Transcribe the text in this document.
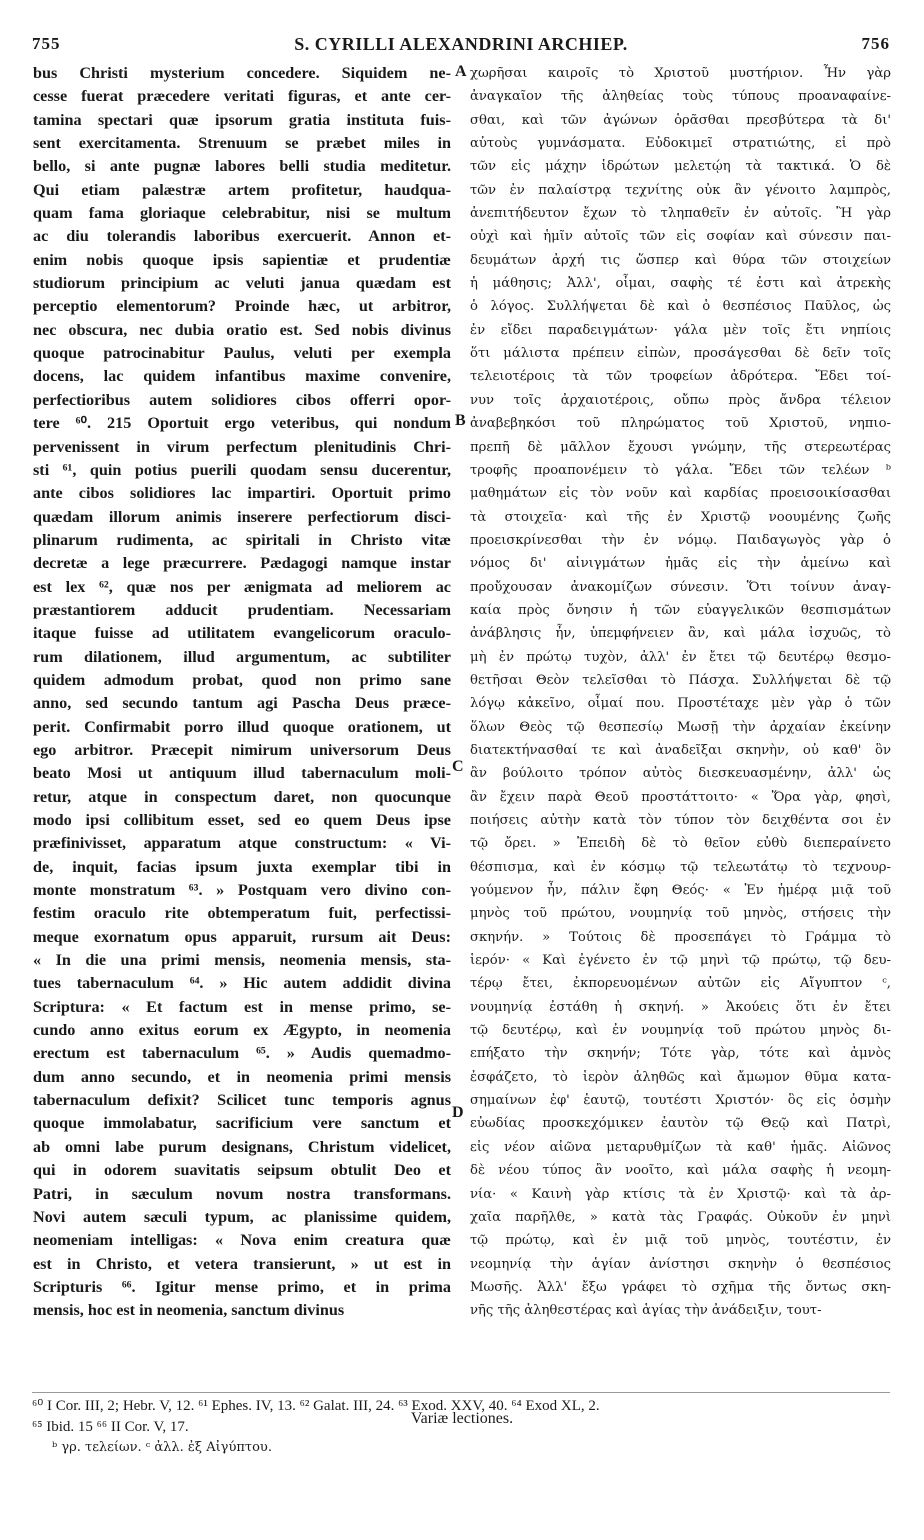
755	S. CYRILLI ALEXANDRINI ARCHIEP.	756
bus Christi mysterium concedere. Siquidem ne-
cesse fuerat præcedere veritati figuras, et ante cer-
tamina spectari quæ ipsorum gratia instituta fuis-
sent exercitamenta. Strenuum se præbet miles in
bello, si ante pugnæ labores belli studia meditetur.
Qui etiam palæstræ artem profitetur, haudqua-
quam fama gloriaque celebrabitur, nisi se multum
ac diu tolerandis laboribus exercuerit. Annon et-
enim nobis quoque ipsis sapientiæ et prudentiæ
studiorum principium ac veluti janua quædam est
perceptio elementorum? Proinde hæc, ut arbitror,
nec obscura, nec dubia oratio est. Sed nobis divinus
quoque patrocinabitur Paulus, veluti per exempla
docens, lac quidem infantibus maxime convenire,
perfectioribus autem solidiores cibos offerri opor-
tere ⁶⁰. 215 Oportuit ergo veteribus, qui nondum
pervenissent in virum perfectum plenitudinis Chri-
sti ⁶¹, quin potius puerili quodam sensu ducerentur,
ante cibos solidiores lac impartiri. Oportuit primo
quædam illorum animis inserere perfectiorum disci-
plinarum rudimenta, ac spiritali in Christo vitæ
decretæ a lege præcurrere. Pædagogi namque instar
est lex ⁶², quæ nos per ænigmata ad meliorem ac
præstantiorem adducit prudentiam. Necessariam
itaque fuisse ad utilitatem evangelicorum oraculo-
rum dilationem, illud argumentum, ac subtiliter
quidem admodum probat, quod non primo sane
anno, sed secundo tantum agi Pascha Deus præce-
perit. Confirmabit porro illud quoque orationem, ut
ego arbitror. Præcepit nimirum universorum Deus
beato Mosi ut antiquum illud tabernaculum moli-
retur, atque in conspectum daret, non quocunque
modo ipsi collibitum esset, sed eo quem Deus ipse
præfinivisset, apparatum atque constructum: « Vi-
de, inquit, facias ipsum juxta exemplar tibi in
monte monstratum ⁶³. » Postquam vero divino con-
festim oraculo rite obtemperatum fuit, perfectissi-
meque exornatum opus apparuit, rursum ait Deus:
« In die una primi mensis, neomenia mensis, sta-
tues tabernaculum ⁶⁴. » Hic autem addidit divina
Scriptura: « Et factum est in mense primo, se-
cundo anno exitus eorum ex Ægypto, in neomenia
erectum est tabernaculum ⁶⁵. » Audis quemadmo-
dum anno secundo, et in neomenia primi mensis
tabernaculum defixit? Scilicet tunc temporis agnus
quoque immolabatur, sacrificium vere sanctum et
ab omni labe purum designans, Christum videlicet,
qui in odorem suavitatis seipsum obtulit Deo et
Patri, in sæculum novum nostra transformans.
Novi autem sæculi typum, ac planissime quidem,
neomeniam intelligas: « Nova enim creatura quæ
est in Christo, et vetera transierunt, » ut est in
Scripturis ⁶⁶. Igitur mense primo, et in prima
mensis, hoc est in neomenia, sanctum divinus
χωρῆσαι καιροῖς τὸ Χριστοῦ μυστήριον. Ἦν γὰρ
ἀναγκαῖον τῆς ἀληθείας τοὺς τύπους προαναφαίνε-
σθαι, καὶ τῶν ἀγώνων ὁρᾶσθαι πρεσβύτερα τὰ δι'
αὐτοὺς γυμνάσματα. Εὐδοκιμεῖ στρατιώτης, εἰ πρὸ
τῶν εἰς μάχην ἱδρώτων μελετῴη τὰ τακτικά. Ὁ δὲ
τῶν ἐν παλαίστρᾳ τεχνίτης οὐκ ἂν γένοιτο λαμπρὸς,
ἀνεπιτήδευτον ἔχων τὸ τληπαθεῖν ἐν αὐτοῖς. Ἢ γὰρ
οὐχὶ καὶ ἡμῖν αὐτοῖς τῶν εἰς σοφίαν καὶ σύνεσιν παι-
δευμάτων ἀρχή τις ὥσπερ καὶ θύρα τῶν στοιχείων
ἡ μάθησις; Ἀλλ', οἶμαι, σαφὴς τέ ἐστι καὶ ἀτρεκὴς
ὁ λόγος. Συλλήψεται δὲ καὶ ὁ θεσπέσιος Παῦλος, ὡς
ἐν εἴδει παραδειγμάτων· γάλα μὲν τοῖς ἔτι νηπίοις
ὅτι μάλιστα πρέπειν εἰπὼν, προσάγεσθαι δὲ δεῖν τοῖς
τελειοτέροις τὰ τῶν τροφείων ἁδρότερα. Ἔδει τοί-
νυν τοῖς ἀρχαιοτέροις, οὔπω πρὸς ἄνδρα τέλειον
ἀναβεβηκόσι τοῦ πληρώματος τοῦ Χριστοῦ, νηπιο-
πρεπῆ δὲ μᾶλλον ἔχουσι γνώμην, τῆς στερεωτέρας
τροφῆς προαπονέμειν τὸ γάλα. Ἔδει τῶν τελέων ᵇ
μαθημάτων εἰς τὸν νοῦν καὶ καρδίας προεισοικίσασθαι
τὰ στοιχεῖα· καὶ τῆς ἐν Χριστῷ νοουμένης ζωῆς
προεισκρίνεσθαι τὴν ἐν νόμῳ. Παιδαγωγὸς γὰρ ὁ
νόμος δι' αἰνιγμάτων ἡμᾶς εἰς τὴν ἀμείνω καὶ
προὔχουσαν ἀνακομίζων σύνεσιν. Ὅτι τοίνυν ἀναγ-
καία πρὸς ὄνησιν ἡ τῶν εὐαγγελικῶν θεσπισμάτων
ἀνάβλησις ἦν, ὑπεμφήνειεν ἂν, καὶ μάλα ἰσχυῶς, τὸ
μὴ ἐν πρώτῳ τυχὸν, ἀλλ' ἐν ἔτει τῷ δευτέρῳ θεσμο-
θετῆσαι Θεὸν τελεῖσθαι τὸ Πάσχα. Συλλήψεται δὲ τῷ
λόγῳ κἀκεῖνο, οἶμαί που. Προστέταχε μὲν γὰρ ὁ τῶν
ὅλων Θεὸς τῷ θεσπεσίῳ Μωσῇ τὴν ἀρχαίαν ἐκείνην
διατεκτήνασθαί τε καὶ ἀναδεῖξαι σκηνὴν, οὐ καθ' ὃν
ἂν βούλοιτο τρόπον αὐτὸς διεσκευασμένην, ἀλλ' ὡς
ἂν ἔχειν παρὰ Θεοῦ προστάττοιτο· « Ὅρα γὰρ, φησὶ,
ποιήσεις αὐτὴν κατὰ τὸν τύπον τὸν δειχθέντα σοι ἐν
τῷ ὄρει. » Ἐπειδὴ δὲ τὸ θεῖον εὐθὺ διεπεραίνετο
θέσπισμα, καὶ ἐν κόσμῳ τῷ τελεωτάτῳ τὸ τεχνουρ-
γούμενον ἦν, πάλιν ἔφη Θεός· « Ἐν ἡμέρᾳ μιᾷ τοῦ
μηνὸς τοῦ πρώτου, νουμηνίᾳ τοῦ μηνὸς, στήσεις τὴν
σκηνήν. » Τούτοις δὲ προσεπάγει τὸ Γράμμα τὸ
ἱερόν· « Καὶ ἐγένετο ἐν τῷ μηνὶ τῷ πρώτῳ, τῷ δευ-
τέρῳ ἔτει, ἐκπορευομένων αὐτῶν εἰς Αἴγυπτον ᶜ,
νουμηνίᾳ ἐστάθη ἡ σκηνή. » Ἀκούεις ὅτι ἐν ἔτει
τῷ δευτέρῳ, καὶ ἐν νουμηνίᾳ τοῦ πρώτου μηνὸς δι-
επήξατο τὴν σκηνήν; Τότε γὰρ, τότε καὶ ἀμνὸς
ἐσφάζετο, τὸ ἱερὸν ἀληθῶς καὶ ἄμωμον θῦμα κατα-
σημαίνων ἐφ' ἑαυτῷ, τουτέστι Χριστόν· ὃς εἰς ὀσμὴν
εὐωδίας προσκεχόμικεν ἑαυτὸν τῷ Θεῷ καὶ Πατρὶ,
εἰς νέον αἰῶνα μεταρυθμίζων τὰ καθ' ἡμᾶς. Αἰῶνος
δὲ νέου τύπος ἂν νοοῖτο, καὶ μάλα σαφὴς ἡ νεομη-
νία· « Καινὴ γὰρ κτίσις τὰ ἐν Χριστῷ· καὶ τὰ ἀρ-
χαῖα παρῆλθε, » κατὰ τὰς Γραφάς. Οὐκοῦν ἐν μηνὶ
τῷ πρώτῳ, καὶ ἐν μιᾷ τοῦ μηνὸς, τουτέστιν, ἐν
νεομηνίᾳ τὴν ἁγίαν ἀνίστησι σκηνὴν ὁ θεσπέσιος
Μωσῆς. Ἀλλ' ἔξω γράφει τὸ σχῆμα τῆς ὄντως σκη-
νῆς τῆς ἀληθεστέρας καὶ ἁγίας τὴν ἀνάδειξιν, τουτ-
A
B
C
D
⁶⁰ I Cor. III, 2; Hebr. V, 12. ⁶¹ Ephes. IV, 13. ⁶² Galat. III, 24. ⁶³ Exod. XXV, 40. ⁶⁴ Exod XL, 2.
⁶⁵ Ibid. 15 ⁶⁶ II Cor. V, 17.	Variæ lectiones.
ᵇ γρ. τελείων. ᶜ ἀλλ. ἐξ Αἰγύπτου.
